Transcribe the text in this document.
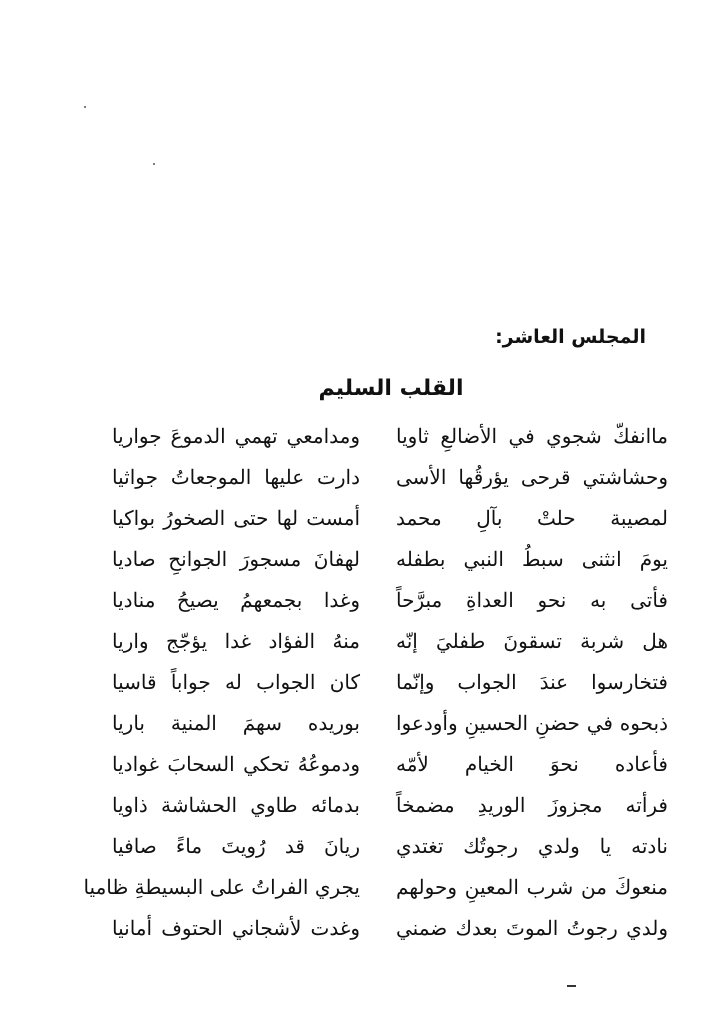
المجلس العاشر:
القلب السليم
ماانفكّ شجوي في الأضالعِ ثاويا
ومدامعي تهمي الدموعَ جواريا
وحشاشتي قرحى يؤرقُها الأسى
دارت عليها الموجعاتُ جواثيا
لمصيبة حلتْ بآلِ محمد
أمست لها حتى الصخورُ بواكيا
يومَ انثنى سبطُ النبي بطفله
لهفانَ مسجورَ الجوانحِ صاديا
فأتى به نحو العداةِ مبرَّحاً
وغدا بجمعهمُ يصيحُ مناديا
هل شربة تسقونَ طفليَ إنّه
منهُ الفؤاد غدا يؤجّج واريا
فتخارسوا عندَ الجواب وإنّما
كان الجواب له جواباً قاسيا
ذبحوه في حضنِ الحسينِ وأودعوا
بوريده سهمَ المنية باريا
فأعاده نحوَ الخيام لأمّه
ودموعُهُ تحكي السحابَ غواديا
فرأته مجزوزَ الوريدِ مضمخاً
بدمائه طاوي الحشاشة ذاويا
نادته يا ولدي رجوتُك تغتدي
ريانَ قد رُويتَ ماءً صافيا
منعوكَ من شرب المعينِ وحولهم
يجري الفراتُ على البسيطةِ ظاميا
ولدي رجوتُ الموتَ بعدك ضمني
وغدت لأشجاني الحتوف أمانيا
